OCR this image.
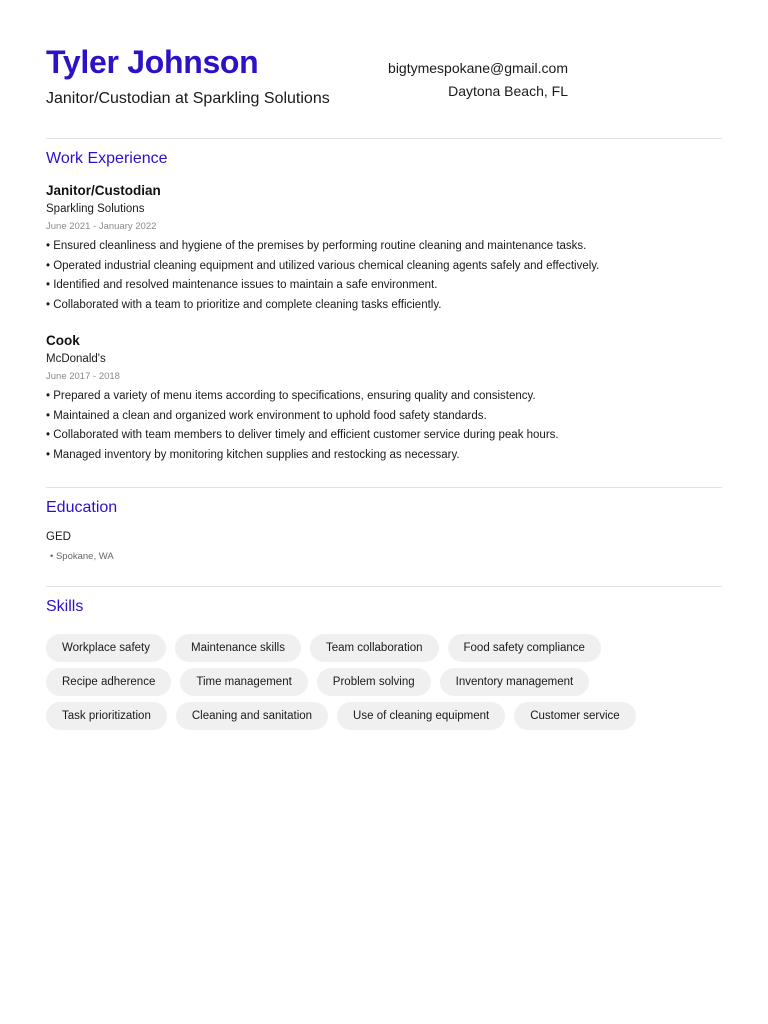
Tyler Johnson
Janitor/Custodian at Sparkling Solutions
bigtymespokane@gmail.com
Daytona Beach, FL
Work Experience
Janitor/Custodian
Sparkling Solutions
June 2021 - January 2022
• Ensured cleanliness and hygiene of the premises by performing routine cleaning and maintenance tasks.
• Operated industrial cleaning equipment and utilized various chemical cleaning agents safely and effectively.
• Identified and resolved maintenance issues to maintain a safe environment.
• Collaborated with a team to prioritize and complete cleaning tasks efficiently.
Cook
McDonald's
June 2017 - 2018
• Prepared a variety of menu items according to specifications, ensuring quality and consistency.
• Maintained a clean and organized work environment to uphold food safety standards.
• Collaborated with team members to deliver timely and efficient customer service during peak hours.
• Managed inventory by monitoring kitchen supplies and restocking as necessary.
Education
GED
• Spokane, WA
Skills
Workplace safety	Maintenance skills	Team collaboration	Food safety compliance
Recipe adherence	Time management	Problem solving	Inventory management
Task prioritization	Cleaning and sanitation	Use of cleaning equipment	Customer service
